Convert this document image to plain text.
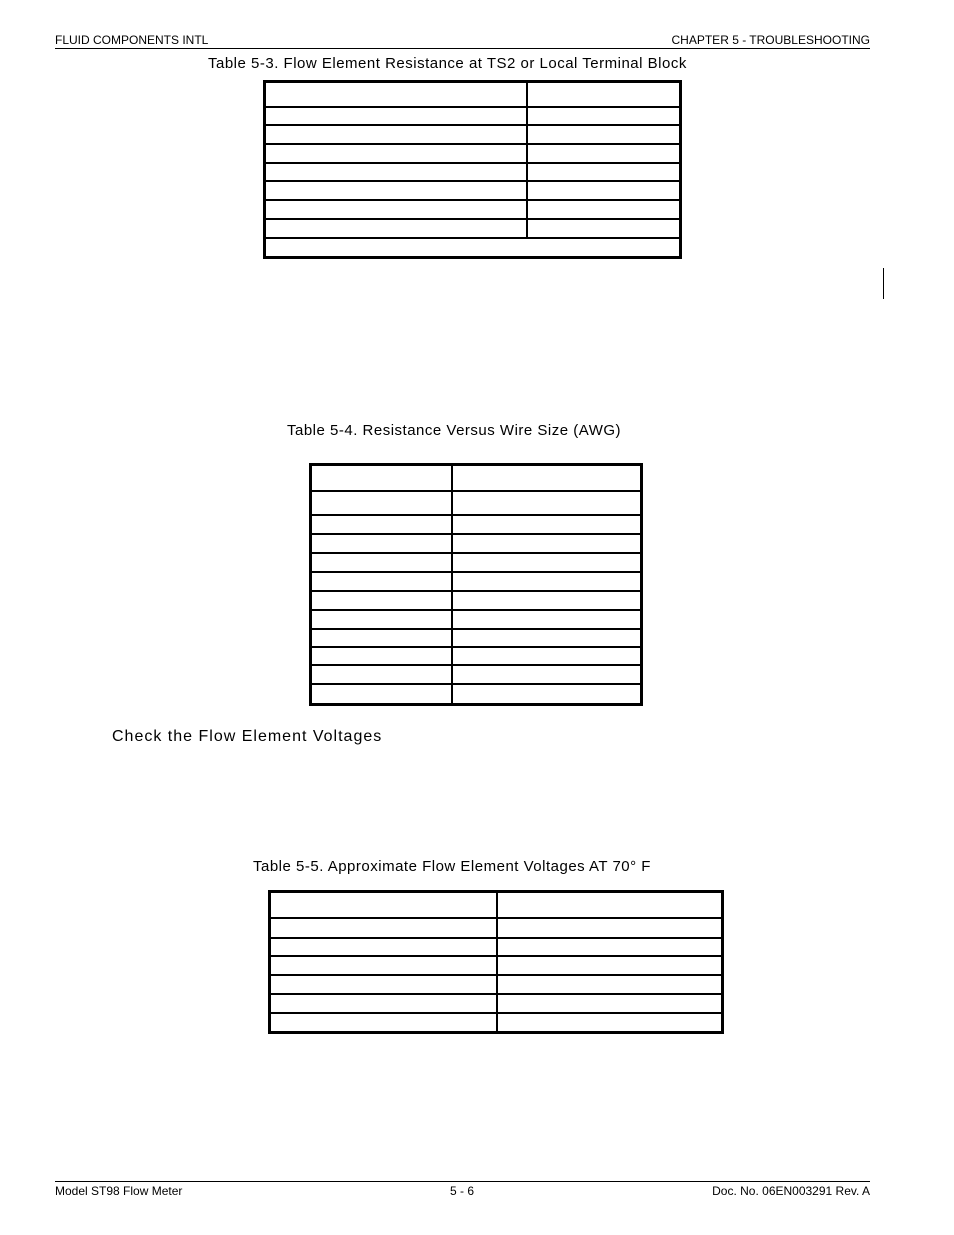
FLUID COMPONENTS INTL	CHAPTER 5 - TROUBLESHOOTING
Table 5-3. Flow Element Resistance at TS2 or Local Terminal Block
Table 5-4. Resistance Versus Wire Size (AWG)
Check the Flow Element Voltages
Table 5-5. Approximate Flow Element Voltages AT 70° F
Model ST98 Flow Meter	5 - 6	Doc. No. 06EN003291 Rev. A
